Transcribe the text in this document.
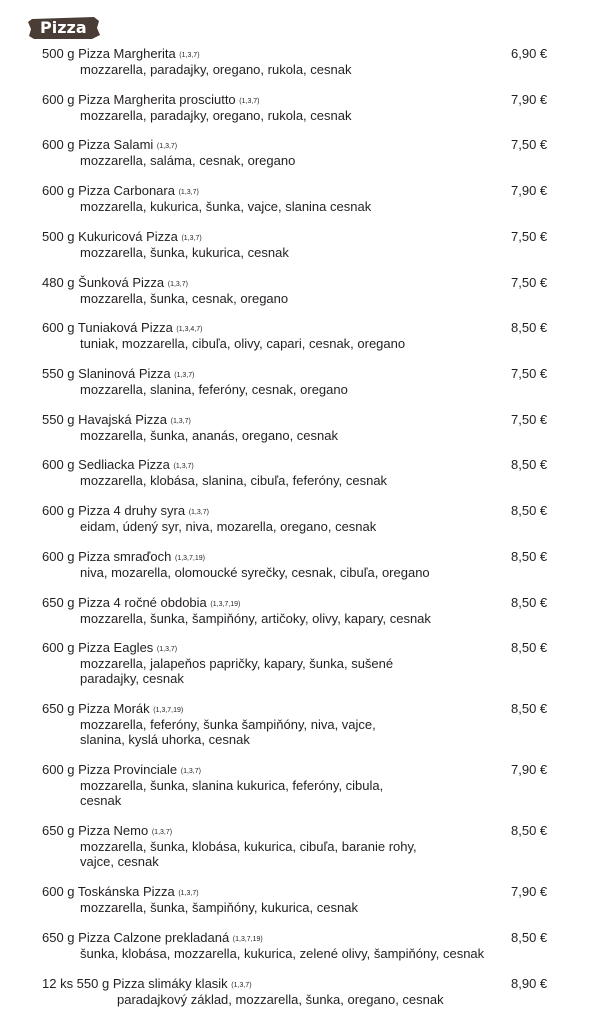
Pizza
500 g Pizza Margherita (1,3,7)	6,90 €
mozzarella, paradajky, oregano, rukola, cesnak
600 g Pizza Margherita prosciutto (1,3,7)	7,90 €
mozzarella, paradajky, oregano, rukola, cesnak
600 g Pizza Salami (1,3,7)	7,50 €
mozzarella, saláma, cesnak, oregano
600 g Pizza Carbonara (1,3,7)	7,90 €
mozzarella, kukurica, šunka, vajce, slanina cesnak
500 g Kukuricová Pizza (1,3,7)	7,50 €
mozzarella, šunka, kukurica, cesnak
480 g Šunková Pizza (1,3,7)	7,50 €
mozzarella, šunka, cesnak, oregano
600 g Tuniaková Pizza (1,3,4,7)	8,50 €
tuniak, mozzarella, cibuľa, olivy, capari, cesnak, oregano
550 g Slaninová Pizza (1,3,7)	7,50 €
mozzarella, slanina, feferóny, cesnak, oregano
550 g Havajská Pizza (1,3,7)	7,50 €
mozzarella, šunka, ananás, oregano, cesnak
600 g Sedliacka Pizza (1,3,7)	8,50 €
mozzarella, klobása, slanina, cibuľa, feferóny, cesnak
600 g Pizza 4 druhy syra (1,3,7)	8,50 €
eidam, údený syr, niva, mozarella, oregano, cesnak
600 g Pizza smraďoch (1,3,7,19)	8,50 €
niva, mozarella, olomoucké syrečky, cesnak, cibuľa, oregano
650 g Pizza 4 ročné obdobia (1,3,7,19)	8,50 €
mozzarella, šunka, šampiňóny, artičoky, olivy, kapary, cesnak
600 g Pizza Eagles (1,3,7)	8,50 €
mozzarella, jalapeňos papričky, kapary, šunka, sušené
paradajky, cesnak
650 g Pizza Morák (1,3,7,19)	8,50 €
mozzarella, feferóny, šunka šampiňóny, niva, vajce,
slanina, kyslá uhorka, cesnak
600 g Pizza Provinciale (1,3,7)	7,90 €
mozzarella, šunka, slanina kukurica, feferóny, cibula,
cesnak
650 g Pizza Nemo (1,3,7)	8,50 €
mozzarella, šunka, klobása, kukurica, cibuľa, baranie rohy,
vajce, cesnak
600 g Toskánska Pizza (1,3,7)	7,90 €
mozzarella, šunka, šampiňóny, kukurica, cesnak
650 g Pizza Calzone prekladaná (1,3,7,19)	8,50 €
šunka, klobása, mozzarella, kukurica, zelené olivy, šampiňóny, cesnak
12 ks 550 g Pizza slimáky klasik (1,3,7)	8,90 €
paradajkový základ, mozzarella, šunka, oregano, cesnak
